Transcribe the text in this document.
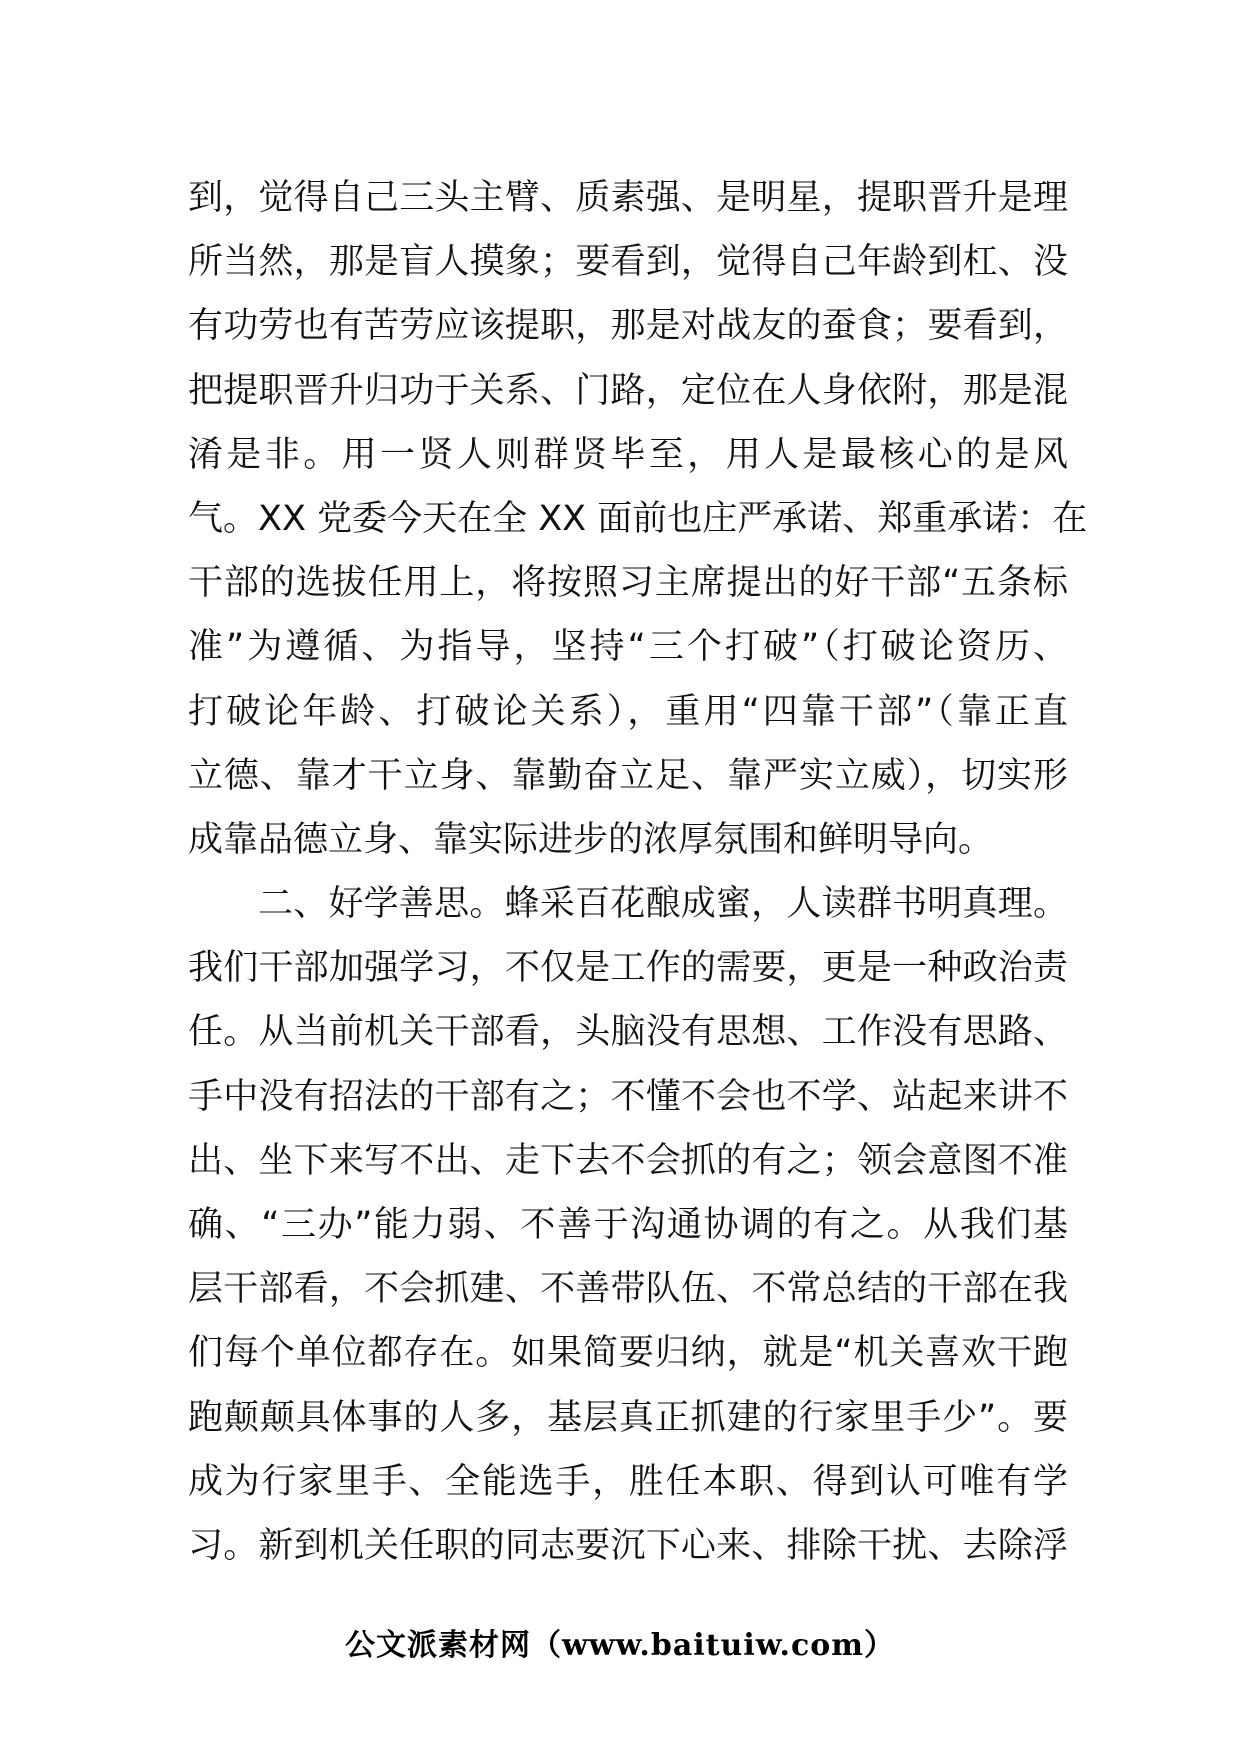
到，觉得自己三头主臂、质素强、是明星，提职晋升是理
所当然，那是盲人摸象；要看到，觉得自己年龄到杠、没
有功劳也有苦劳应该提职，那是对战友的蚕食；要看到，
把提职晋升归功于关系、门路，定位在人身依附，那是混
淆是非。用一贤人则群贤毕至，用人是最核心的是风
气。XX 党委今天在全 XX 面前也庄严承诺、郑重承诺：在
干部的选拔任用上，将按照习主席提出的好干部“五条标
准”为遵循、为指导，坚持“三个打破”（打破论资历、
打破论年龄、打破论关系），重用“四靠干部”（靠正直
立德、靠才干立身、靠勤奋立足、靠严实立威），切实形
成靠品德立身、靠实际进步的浓厚氛围和鲜明导向。
二、好学善思。蜂采百花酿成蜜，人读群书明真理。
我们干部加强学习，不仅是工作的需要，更是一种政治责
任。从当前机关干部看，头脑没有思想、工作没有思路、
手中没有招法的干部有之；不懂不会也不学、站起来讲不
出、坐下来写不出、走下去不会抓的有之；领会意图不准
确、“三办”能力弱、不善于沟通协调的有之。从我们基
层干部看，不会抓建、不善带队伍、不常总结的干部在我
们每个单位都存在。如果简要归纳，就是“机关喜欢干跑
跑颠颠具体事的人多，基层真正抓建的行家里手少”。要
成为行家里手、全能选手，胜任本职、得到认可唯有学
习。新到机关任职的同志要沉下心来、排除干扰、去除浮
公文派素材网（www.baituiw.com）
